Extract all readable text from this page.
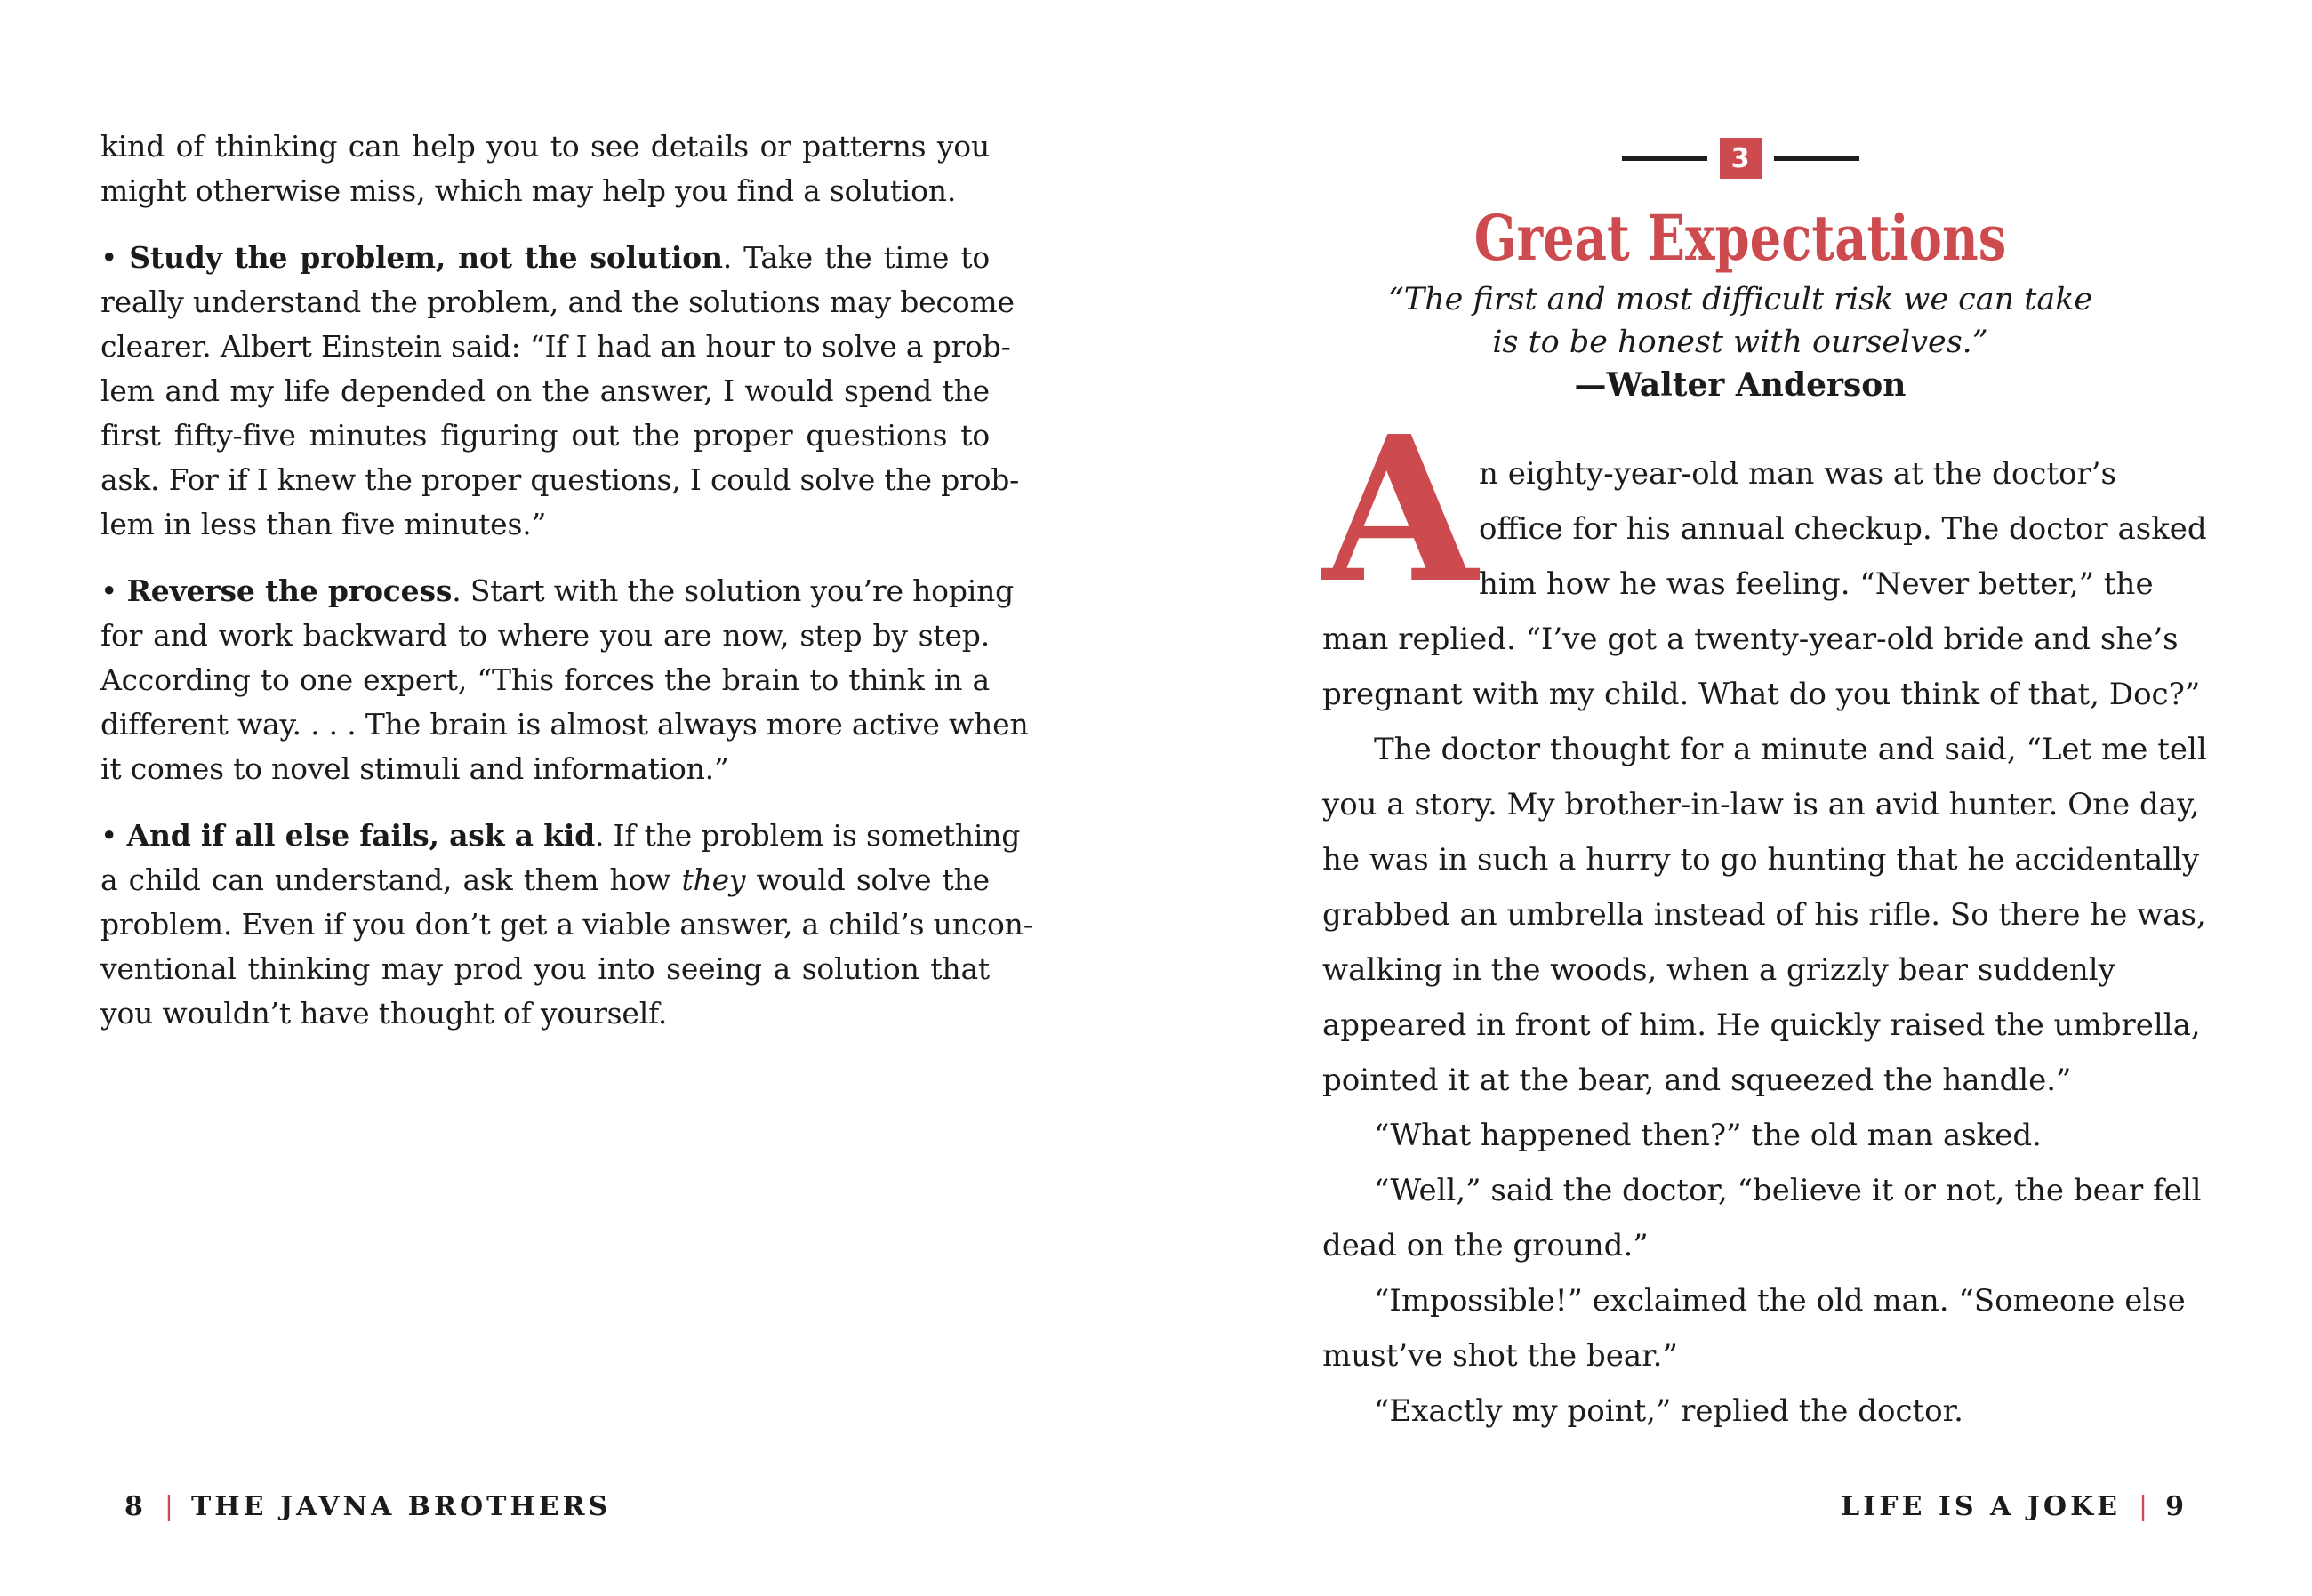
kind of thinking can help you to see details or patterns you
might otherwise miss, which may help you find a solution.
• Study the problem, not the solution. Take the time to
really understand the problem, and the solutions may become
clearer. Albert Einstein said: “If I had an hour to solve a prob-
lem and my life depended on the answer, I would spend the
first fifty-five minutes figuring out the proper questions to
ask. For if I knew the proper questions, I could solve the prob-
lem in less than five minutes.”
• Reverse the process. Start with the solution you’re hoping
for and work backward to where you are now, step by step.
According to one expert, “This forces the brain to think in a
different way. . . . The brain is almost always more active when
it comes to novel stimuli and information.”
• And if all else fails, ask a kid. If the problem is something
a child can understand, ask them how they would solve the
problem. Even if you don’t get a viable answer, a child’s uncon-
ventional thinking may prod you into seeing a solution that
you wouldn’t have thought of yourself.
8 | THE JAVNA BROTHERS
3
Great Expectations
“The first and most difficult risk we can take
is to be honest with ourselves.”
—Walter Anderson
A n eighty-year-old man was at the doctor’s
office for his annual checkup. The doctor asked
him how he was feeling. “Never better,” the
man replied. “I’ve got a twenty-year-old bride and she’s
pregnant with my child. What do you think of that, Doc?”
The doctor thought for a minute and said, “Let me tell
you a story. My brother-in-law is an avid hunter. One day,
he was in such a hurry to go hunting that he accidentally
grabbed an umbrella instead of his rifle. So there he was,
walking in the woods, when a grizzly bear suddenly
appeared in front of him. He quickly raised the umbrella,
pointed it at the bear, and squeezed the handle.”
“What happened then?” the old man asked.
“Well,” said the doctor, “believe it or not, the bear fell
dead on the ground.”
“Impossible!” exclaimed the old man. “Someone else
must’ve shot the bear.”
“Exactly my point,” replied the doctor.
LIFE IS A JOKE | 9
